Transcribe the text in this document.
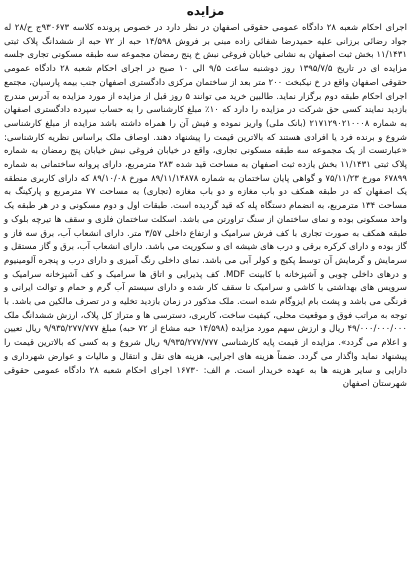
مزایده

اجرای احکام شعبه ۲۸ دادگاه عمومی حقوقی اصفهان در نظر دارد در خصوص پرونده کلاسه ۹۳۰۶۷۳ج ح/۲۸ له جواد رضائی برزانی علیه حمیدرضا شفائی زاده مبنی بر فروش ۱۴/۵۹۸ حبه از ۷۲ حبه از ششدانگ پلاک ثبتی ۱۱/۱۴۳۱ بخش ثبت اصفهان به نشانی خیابان فروغی نبش خ پنج رمضان مجموعه سه طبقه مسکونی تجاری جلسه مزایده ای در تاریخ ۱۳۹۵/۷/۵ روز دوشنبه ساعت ۹/۵ الی ۱۰ صبح در اجرای احکام شعبه ۲۸ دادگاه عمومی حقوقی اصفهان واقع در خ نیکبخت ۲۰۰ متر بعد از ساختمان مرکزی دادگستری اصفهان جنب بیمه پارسیان، مجتمع اجرای احکام طبقه دوم برگزار نماید. طالبین خرید می توانند ۵ روز قبل از مزایده از مورد مزایده به آدرس مندرج بازدید نمایند کسی حق شرکت در مزایده را دارد که ۱۰٪ مبلغ کارشناسی را به حساب سپرده دادگستری اصفهان به شماره ۲۱۷۱۲۹۰۲۱۰۰۰۸ (بانک ملی) واریز نموده و فیش آن را همراه داشته باشد مزایده از مبلغ کارشناسی شروع و برنده فرد یا افرادی هستند که بالاترین قیمت را پیشنهاد دهند. اوصاف ملک براساس نظریه کارشناسی: «عبارتست از یک مجموعه سه طبقه مسکونی تجاری، واقع در خیابان فروغی نبش خیابان پنج رمضان به شماره پلاک ثبتی ۱۱/۱۴۳۱ بخش یازده ثبت اصفهان به مساحت قید شده ۲۸۳ مترمربع، دارای پروانه ساختمانی به شماره ۶۷۸۹۹ مورخ ۷۵/۱۱/۲۳ و گواهی پایان ساختمان به شماره ۸۹/۱۱/۱۴۸۷۸ مورخ ۸۹/۱۰/۰۸ که دارای کاربری منطقه یک اصفهان که در طبقه همکف دو باب مغازه و دو باب مغازه (تجاری) به مساحت ۷۷ مترمربع و پارکینگ به مساحت ۱۳۴ مترمربع، به انضمام دستگاه پله که قید گردیده است. طبقات اول و دوم مسکونی و در هر طبقه یک واحد مسکونی بوده و نمای ساختمان از سنگ تراورتن می باشد. اسکلت ساختمان فلزی و سقف ها تیرچه بلوک و طبقه همکف به صورت تجاری با کف فرش سرامیک و ارتفاع داخلی ۳/۵۷ متر. دارای انشعاب آب، برق سه فاز و گاز بوده و دارای کرکره برقی و درب های شیشه ای و سکوریت می باشد. دارای انشعاب آب، برق و گاز مستقل و سرمایش و گرمایش آن توسط پکیج و کولر آبی می باشد. نمای داخلی رنگ آمیزی و دارای درب و پنجره آلومینیوم و درهای داخلی چوبی و آشپزخانه با کابینت MDF. کف پذیرایی و اتاق ها سرامیک و کف آشپزخانه سرامیک و سرویس های بهداشتی با کاشی و سرامیک تا سقف کار شده و دارای سیستم آب گرم و حمام و توالت ایرانی و فرنگی می باشد و پشت بام ایزوگام شده است. ملک مذکور در زمان بازدید تخلیه و در تصرف مالکین می باشد. با توجه به مراتب فوق و موقعیت محلی، کیفیت ساخت، کاربری، دسترسی ها و متراژ کل پلاک، ارزش ششدانگ ملک ۴۹/۰۰۰/۰۰۰/۰۰۰ ریال و ارزش سهم مورد مزایده (۱۴/۵۹۸ حبه مشاع از ۷۲ حبه) مبلغ ۹/۹۳۵/۲۷۷/۷۷۷ ریال تعیین و اعلام می گردد». مزایده از قیمت پایه کارشناسی ۹/۹۳۵/۲۷۷/۷۷۷ ریال شروع و به کسی که بالاترین قیمت را پیشنهاد نماید واگذار می گردد. ضمناً هزینه های اجرایی، هزینه های نقل و انتقال و مالیات و عوارض شهرداری و دارایی و سایر هزینه ها به عهده خریدار است. م الف: ۱۶۷۳۰ اجرای احکام شعبه ۲۸ دادگاه عمومی حقوقی شهرستان اصفهان
